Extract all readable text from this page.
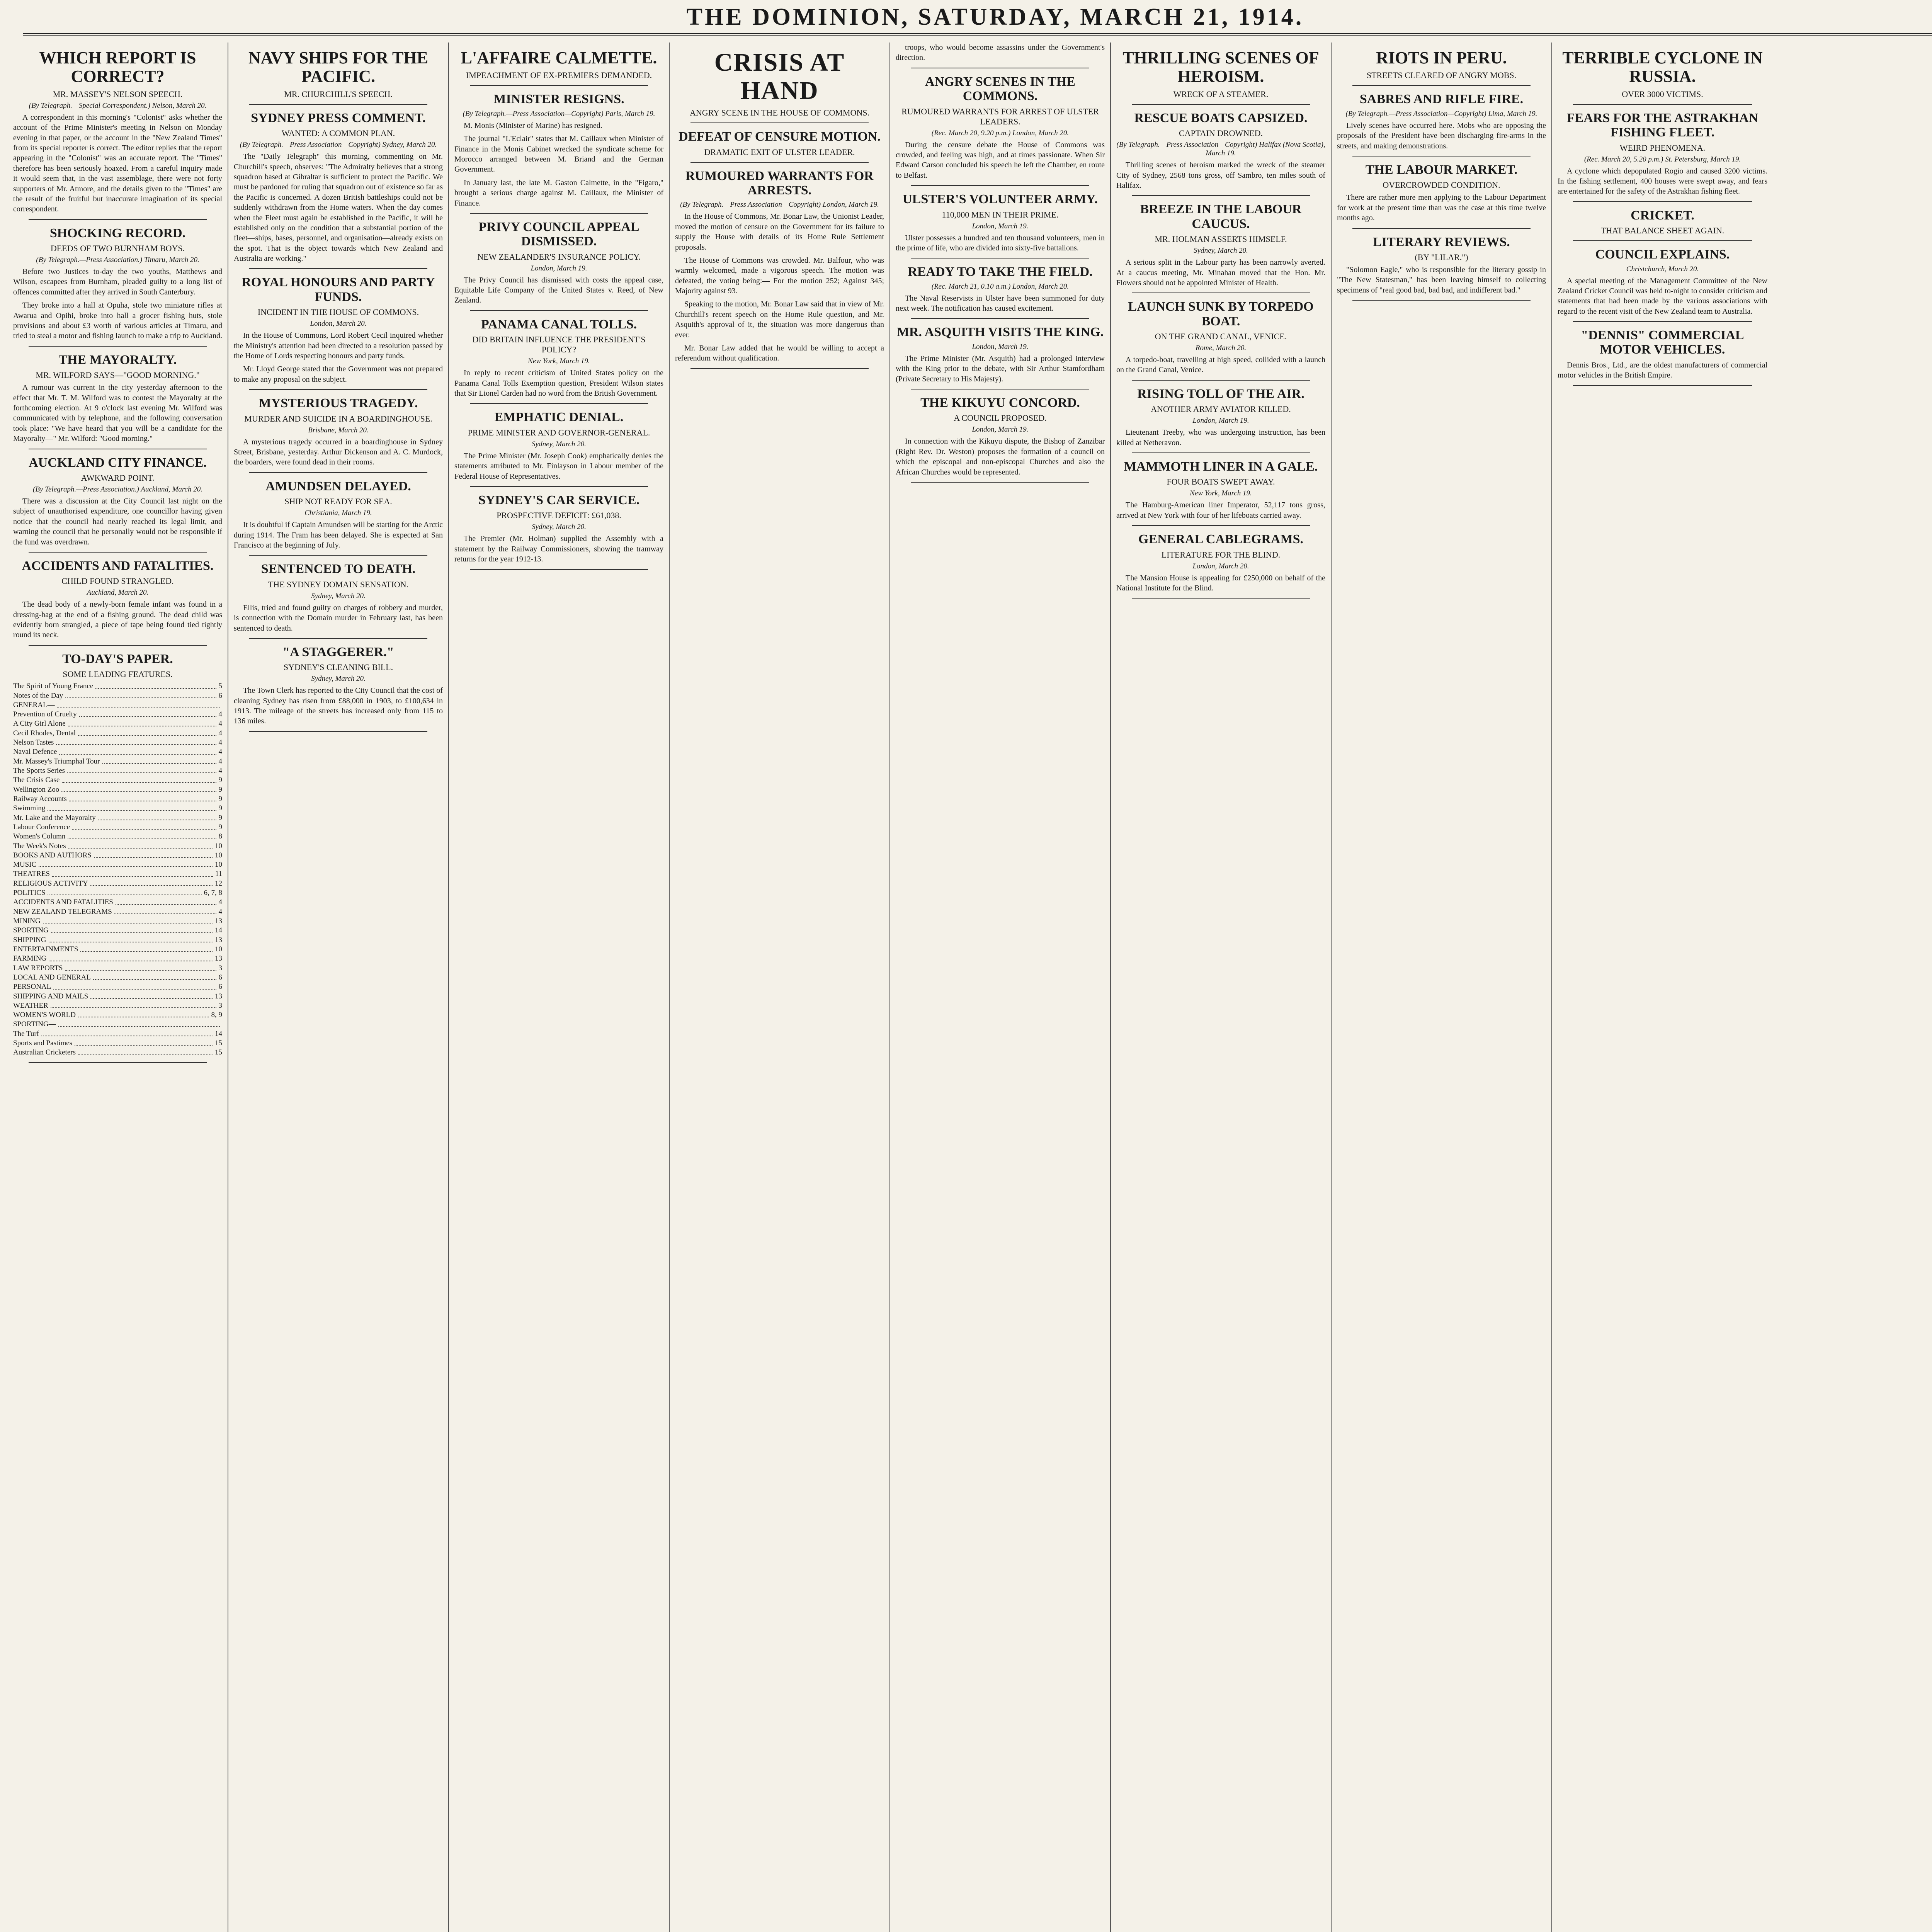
THE DOMINION, SATURDAY, MARCH 21, 1914.
WHICH REPORT IS CORRECT?
MR. MASSEY'S NELSON SPEECH.
(By Telegraph.—Special Correspondent.) Nelson, March 20.

A correspondent in this morning's "Colonist" asks whether the account of the Prime Minister's meeting in Nelson on Monday evening in that paper, or the account in the "New Zealand Times" from its special reporter is correct. The editor replies that the report appearing in the "Colonist" was an accurate report. The "Times" therefore has been seriously hoaxed. From a careful inquiry made it would seem that, in the vast assemblage, there were not forty supporters of Mr. Atmore, and the details given to the "Times" are the result of the fruitful but inaccurate imagination of its special correspondent.

SHOCKING RECORD.
DEEDS OF TWO BURNHAM BOYS.
(By Telegraph.—Press Association.) Timaru, March 20.

Before two Justices to-day the two youths, Matthews and Wilson, escapees from Burnham, pleaded guilty to a long list of offences committed after they arrived in South Canterbury.

They broke into a hall at Opuha, stole two miniature rifles at Awarua and Opihi, broke into hall a grocer fishing huts, stole provisions and about £3 worth of various articles at Timaru, and tried to steal a motor and fishing launch to make a trip to Auckland.

THE MAYORALTY.
MR. WILFORD SAYS—"GOOD MORNING."

A rumour was current in the city yesterday afternoon to the effect that Mr. T. M. Wilford was to contest the Mayoralty at the forthcoming election. At 9 o'clock last evening Mr. Wilford was communicated with by telephone, and the following conversation took place: "We have heard that you will be a candidate for the Mayoralty—" Mr. Wilford: "Good morning."

AUCKLAND CITY FINANCE.
AWKWARD POINT.
(By Telegraph.—Press Association.) Auckland, March 20.

There was a discussion at the City Council last night on the subject of unauthorised expenditure, one councillor having given notice that the council had nearly reached its legal limit, and warning the council that he personally would not be responsible if the fund was overdrawn.

ACCIDENTS AND FATALITIES.
CHILD FOUND STRANGLED.
Auckland, March 20.

The dead body of a newly-born female infant was found in a dressing-bag at the end of a fishing ground. The dead child was evidently born strangled, a piece of tape being found tied tightly round its neck.

TO-DAY'S PAPER.
SOME LEADING FEATURES.
The Spirit of Young France	5
Notes of the Day	6
GENERAL—
Prevention of Cruelty	4
A City Girl Alone	4
Cecil Rhodes, Dental	4
Nelson Tastes	4
Naval Defence	4
Mr. Massey's Triumphal Tour	4
The Sports Series	4
The Crisis Case	9
Wellington Zoo	9
Railway Accounts	9
Swimming	9
Mr. Lake and the Mayoralty	9
Labour Conference	9
Women's Column	8
The Week's Notes	10
BOOKS AND AUTHORS	10
MUSIC	10
THEATRES	11
RELIGIOUS ACTIVITY	12
POLITICS	6, 7, 8
ACCIDENTS AND FATALITIES	4
NEW ZEALAND TELEGRAMS	4
MINING	13
SPORTING	14
SHIPPING	13
ENTERTAINMENTS	10
FARMING	13
LAW REPORTS	3
LOCAL AND GENERAL	6
PERSONAL	6
SHIPPING AND MAILS	13
WEATHER	3
WOMEN'S WORLD	8, 9
SPORTING—
The Turf	14
Sports and Pastimes	15
Australian Cricketers	15
NAVY SHIPS FOR THE PACIFIC.
MR. CHURCHILL'S SPEECH.
SYDNEY PRESS COMMENT.
WANTED: A COMMON PLAN.
(By Telegraph.—Press Association—Copyright) Sydney, March 20.

The "Daily Telegraph" this morning, commenting on Mr. Churchill's speech, observes: "The Admiralty believes that a strong squadron based at Gibraltar is sufficient to protect the Pacific. We must be pardoned for ruling that squadron out of existence so far as the Pacific is concerned. A dozen British battleships could not be suddenly withdrawn from the Home waters. When the day comes when the Fleet must again be established in the Pacific, it will be established only on the condition that a substantial portion of the fleet—ships, bases, personnel, and organisation—already exists on the spot. That is the object towards which New Zealand and Australia are working."

ROYAL HONOURS AND PARTY FUNDS.
INCIDENT IN THE HOUSE OF COMMONS.
London, March 20.

In the House of Commons, Lord Robert Cecil inquired whether the Ministry's attention had been directed to a resolution passed by the Home of Lords respecting honours and party funds.

Mr. Lloyd George stated that the Government was not prepared to make any proposal on the subject.

MYSTERIOUS TRAGEDY.
MURDER AND SUICIDE IN A BOARDINGHOUSE.
Brisbane, March 20.

A mysterious tragedy occurred in a boardinghouse in Sydney Street, Brisbane, yesterday. Arthur Dickenson and A. C. Murdock, the boarders, were found dead in their rooms.

AMUNDSEN DELAYED.
SHIP NOT READY FOR SEA.
Christiania, March 19.

It is doubtful if Captain Amundsen will be starting for the Arctic during 1914. The Fram has been delayed. She is expected at San Francisco at the beginning of July.

SENTENCED TO DEATH.
THE SYDNEY DOMAIN SENSATION.
Sydney, March 20.

Ellis, tried and found guilty on charges of robbery and murder, is connection with the Domain murder in February last, has been sentenced to death.

"A STAGGERER."
SYDNEY'S CLEANING BILL.
Sydney, March 20.

The Town Clerk has reported to the City Council that the cost of cleaning Sydney has risen from £88,000 in 1903, to £100,634 in 1913. The mileage of the streets has increased only from 115 to 136 miles.

L'AFFAIRE CALMETTE.
IMPEACHMENT OF EX-PREMIERS DEMANDED.
MINISTER RESIGNS.
(By Telegraph.—Press Association—Copyright) Paris, March 19.

M. Monis (Minister of Marine) has resigned.

The journal "L'Eclair" states that M. Caillaux when Minister of Finance in the Monis Cabinet wrecked the syndicate scheme for Morocco arranged between M. Briand and the German Government.

In January last, the late M. Gaston Calmette, in the "Figaro," brought a serious charge against M. Caillaux, the Minister of Finance.

PRIVY COUNCIL APPEAL DISMISSED.
NEW ZEALANDER'S INSURANCE POLICY.
London, March 19.

The Privy Council has dismissed with costs the appeal case, Equitable Life Company of the United States v. Reed, of New Zealand.

PANAMA CANAL TOLLS.
DID BRITAIN INFLUENCE THE PRESIDENT'S POLICY?
New York, March 19.

In reply to recent criticism of United States policy on the Panama Canal Tolls Exemption question, President Wilson states that Sir Lionel Carden had no word from the British Government.

EMPHATIC DENIAL.
PRIME MINISTER AND GOVERNOR-GENERAL.
Sydney, March 20.

The Prime Minister (Mr. Joseph Cook) emphatically denies the statements attributed to Mr. Finlayson in Labour member of the Federal House of Representatives.

SYDNEY'S CAR SERVICE.
PROSPECTIVE DEFICIT: £61,038.
Sydney, March 20.

The Premier (Mr. Holman) supplied the Assembly with a statement by the Railway Commissioners, showing the tramway returns for the year 1912-13.

CRISIS AT HAND
ANGRY SCENE IN THE HOUSE OF COMMONS.
DEFEAT OF CENSURE MOTION.
DRAMATIC EXIT OF ULSTER LEADER.
RUMOURED WARRANTS FOR ARRESTS.
(By Telegraph.—Press Association—Copyright) London, March 19.

In the House of Commons, Mr. Bonar Law, the Unionist Leader, moved the motion of censure on the Government for its failure to supply the House with details of its Home Rule Settlement proposals.

The House of Commons was crowded. Mr. Balfour, who was warmly welcomed, made a vigorous speech. The motion was defeated, the voting being:— For the motion 252; Against 345; Majority against 93.

Speaking to the motion, Mr. Bonar Law said that in view of Mr. Churchill's recent speech on the Home Rule question, and Mr. Asquith's approval of it, the situation was more dangerous than ever.

Mr. Bonar Law added that he would be willing to accept a referendum without qualification.

troops, who would become assassins under the Government's direction.

ANGRY SCENES IN THE COMMONS.
RUMOURED WARRANTS FOR ARREST OF ULSTER LEADERS.
(Rec. March 20, 9.20 p.m.) London, March 20.

During the censure debate the House of Commons was crowded, and feeling was high, and at times passionate. When Sir Edward Carson concluded his speech he left the Chamber, en route to Belfast.

ULSTER'S VOLUNTEER ARMY.
110,000 MEN IN THEIR PRIME.
London, March 19.

Ulster possesses a hundred and ten thousand volunteers, men in the prime of life, who are divided into sixty-five battalions.

READY TO TAKE THE FIELD.
(Rec. March 21, 0.10 a.m.) London, March 20.

The Naval Reservists in Ulster have been summoned for duty next week. The notification has caused excitement.

MR. ASQUITH VISITS THE KING.
London, March 19.

The Prime Minister (Mr. Asquith) had a prolonged interview with the King prior to the debate, with Sir Arthur Stamfordham (Private Secretary to His Majesty).

THE KIKUYU CONCORD.
A COUNCIL PROPOSED.
London, March 19.

In connection with the Kikuyu dispute, the Bishop of Zanzibar (Right Rev. Dr. Weston) proposes the formation of a council on which the episcopal and non-episcopal Churches and also the African Churches would be represented.

THRILLING SCENES OF HEROISM.
WRECK OF A STEAMER.
RESCUE BOATS CAPSIZED.
CAPTAIN DROWNED.
(By Telegraph.—Press Association—Copyright) Halifax (Nova Scotia), March 19.

Thrilling scenes of heroism marked the wreck of the steamer City of Sydney, 2568 tons gross, off Sambro, ten miles south of Halifax.

BREEZE IN THE LABOUR CAUCUS.
MR. HOLMAN ASSERTS HIMSELF.
Sydney, March 20.

A serious split in the Labour party has been narrowly averted. At a caucus meeting, Mr. Minahan moved that the Hon. Mr. Flowers should not be appointed Minister of Health.

LAUNCH SUNK BY TORPEDO BOAT.
ON THE GRAND CANAL, VENICE.
Rome, March 20.

A torpedo-boat, travelling at high speed, collided with a launch on the Grand Canal, Venice.

RISING TOLL OF THE AIR.
ANOTHER ARMY AVIATOR KILLED.
London, March 19.

Lieutenant Treeby, who was undergoing instruction, has been killed at Netheravon.

MAMMOTH LINER IN A GALE.
FOUR BOATS SWEPT AWAY.
New York, March 19.

The Hamburg-American liner Imperator, 52,117 tons gross, arrived at New York with four of her lifeboats carried away.

GENERAL CABLEGRAMS.
LITERATURE FOR THE BLIND.
London, March 20.

The Mansion House is appealing for £250,000 on behalf of the National Institute for the Blind.

RIOTS IN PERU.
STREETS CLEARED OF ANGRY MOBS.
SABRES AND RIFLE FIRE.
(By Telegraph.—Press Association—Copyright) Lima, March 19.

Lively scenes have occurred here. Mobs who are opposing the proposals of the President have been discharging fire-arms in the streets, and making demonstrations.

THE LABOUR MARKET.
OVERCROWDED CONDITION.

There are rather more men applying to the Labour Department for work at the present time than was the case at this time twelve months ago.

LITERARY REVIEWS.
(BY "LILAR.")

"Solomon Eagle," who is responsible for the literary gossip in "The New Statesman," has been leaving himself to collecting specimens of "real good bad, bad bad, and indifferent bad."

TERRIBLE CYCLONE IN RUSSIA.
OVER 3000 VICTIMS.
FEARS FOR THE ASTRAKHAN FISHING FLEET.
WEIRD PHENOMENA.
(Rec. March 20, 5.20 p.m.) St. Petersburg, March 19.

A cyclone which depopulated Rogio and caused 3200 victims. In the fishing settlement, 400 houses were swept away, and fears are entertained for the safety of the Astrakhan fishing fleet.

CRICKET.
THAT BALANCE SHEET AGAIN.
COUNCIL EXPLAINS.
Christchurch, March 20.

A special meeting of the Management Committee of the New Zealand Cricket Council was held to-night to consider criticism and statements that had been made by the various associations with regard to the recent visit of the New Zealand team to Australia.

"DENNIS" COMMERCIAL MOTOR VEHICLES.

Dennis Bros., Ltd., are the oldest manufacturers of commercial motor vehicles in the British Empire.
